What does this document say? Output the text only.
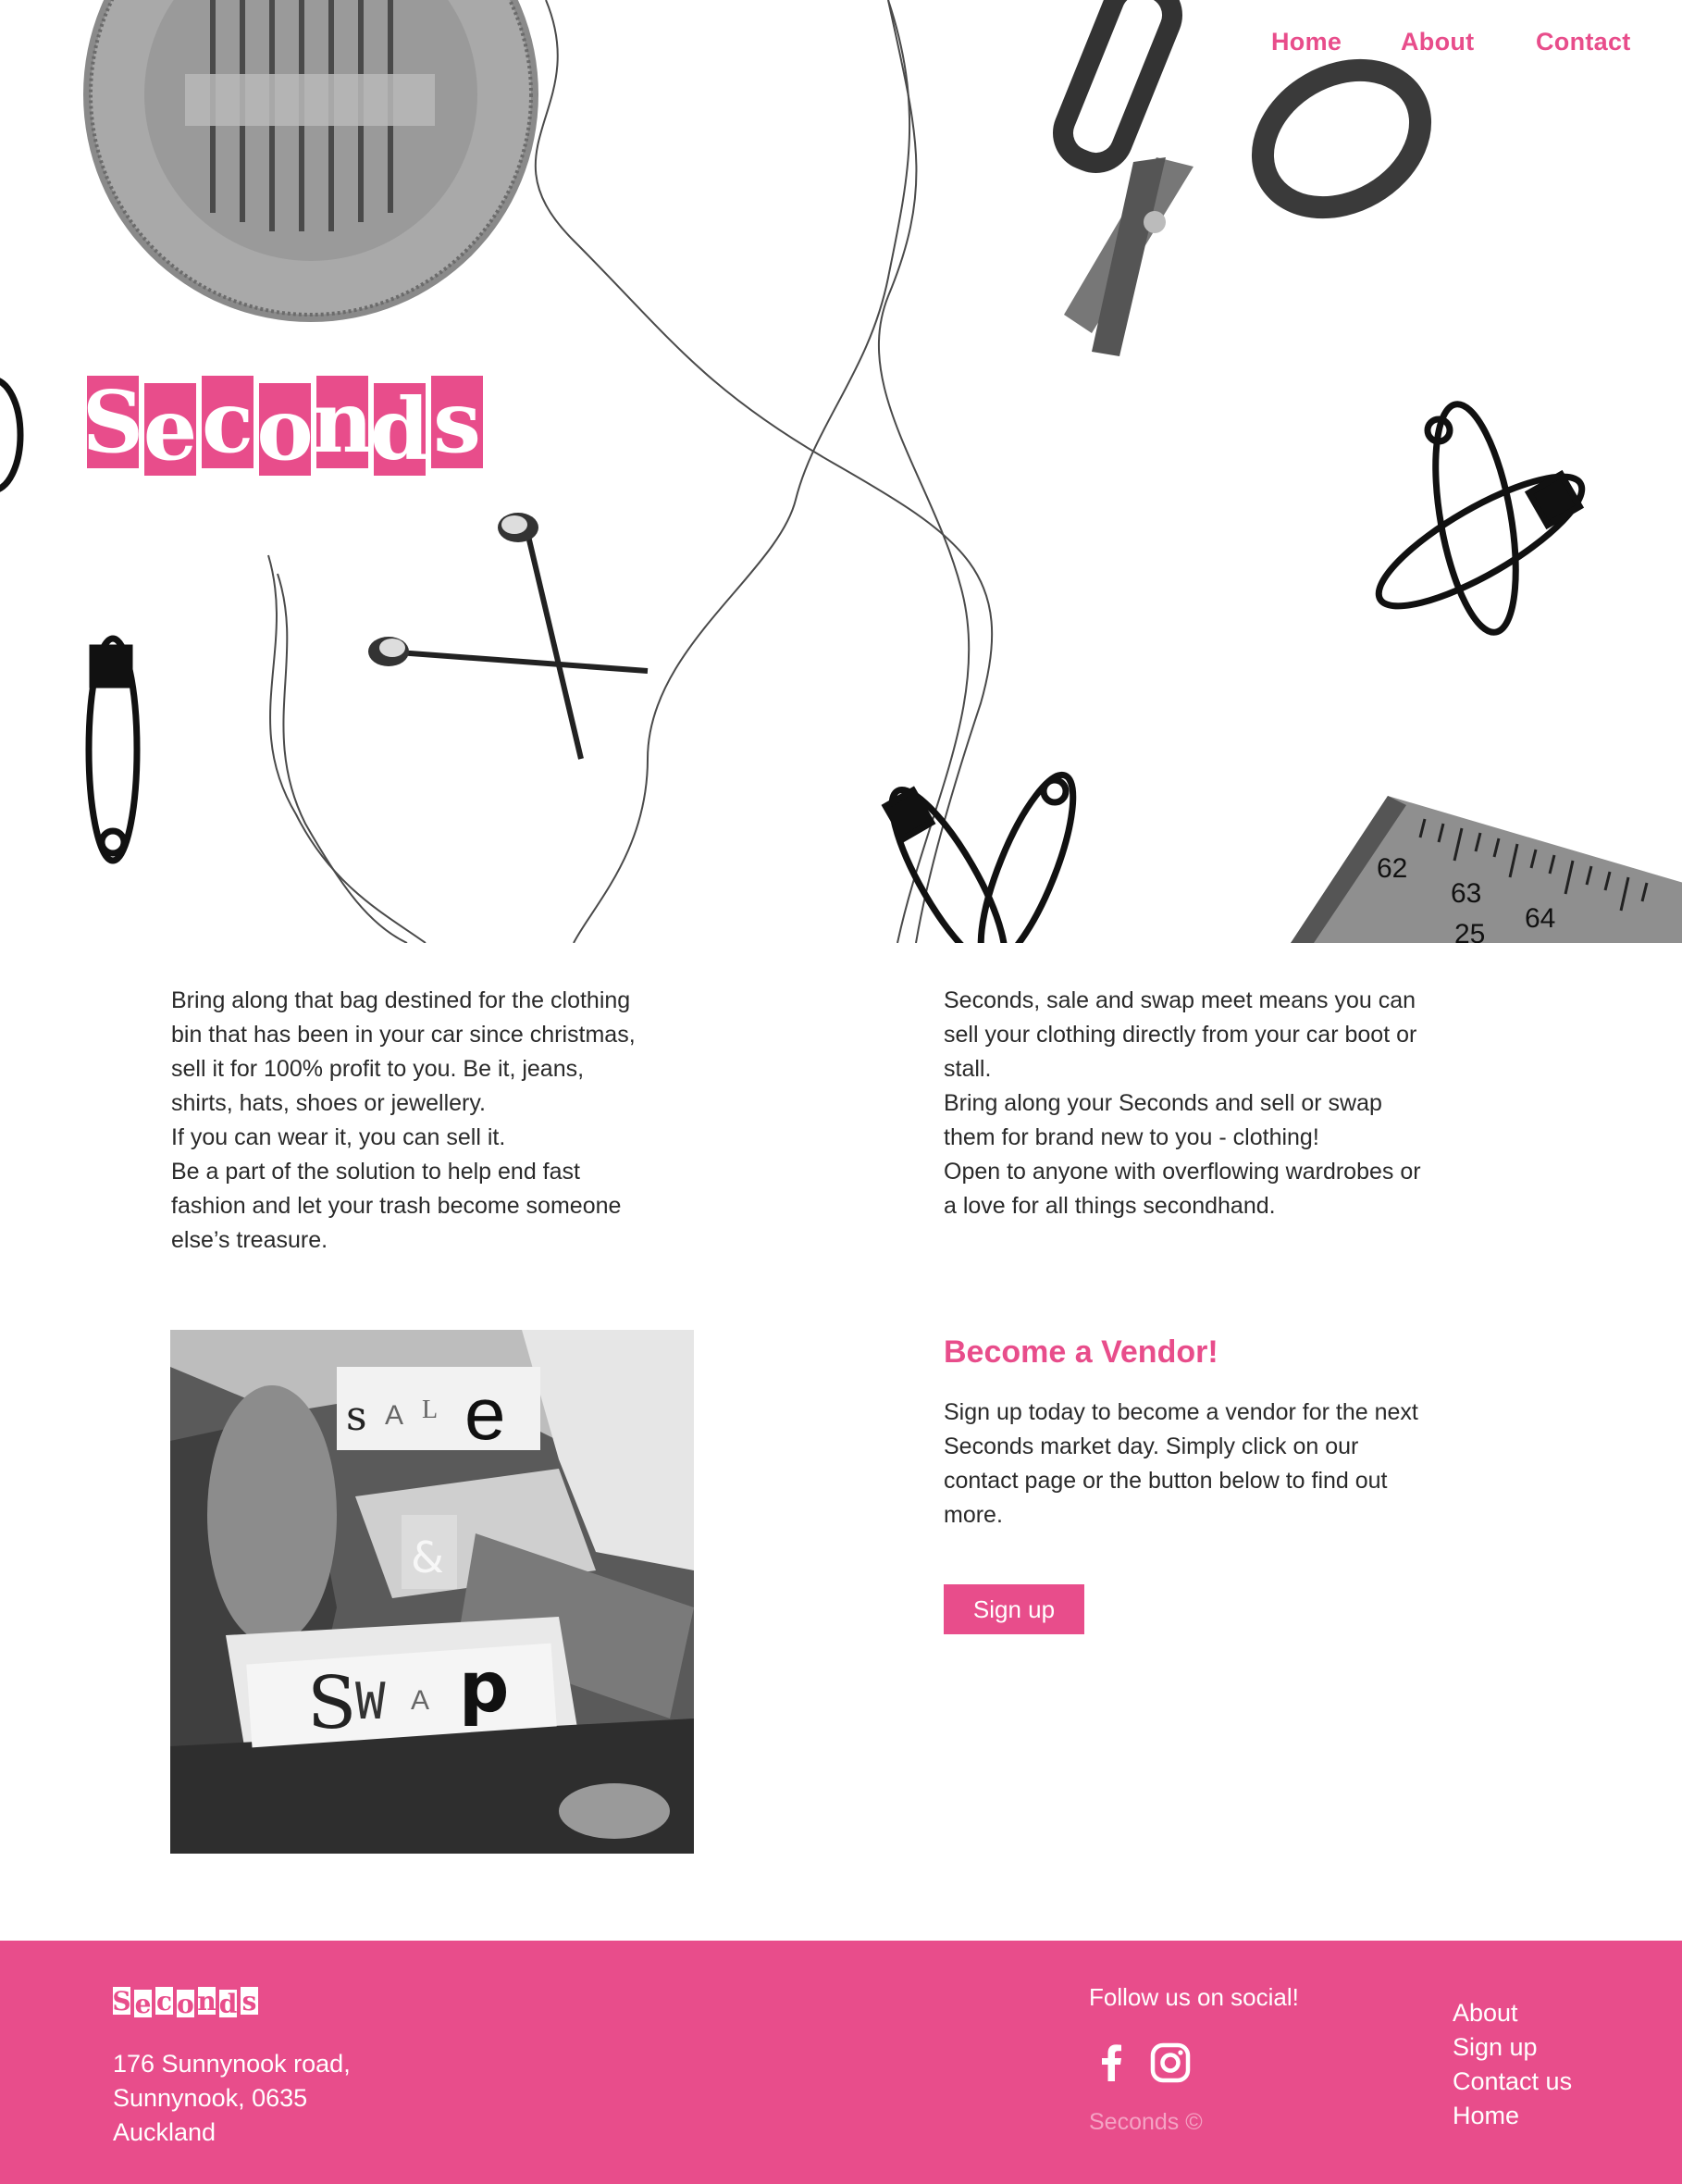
62
63
64
25
Home About Contact
S e c o
n
d s

Bring along that bag destined for the clothing bin that has been in your car since christmas, sell it for 100% profit to you. Be it, jeans, shirts, hats, shoes or jewellery.

If you can wear it, you can sell it.

Be a part of the solution to help end fast fashion and let your trash become someone else’s treasure.

Seconds, sale and swap meet means you can sell your clothing directly from your car boot or stall.

Bring along your Seconds and sell or swap them for brand new to you - clothing!

Open to anyone with overflowing wardrobes or a love for all things secondhand.

s A L e
&
S
W A p
Become a Vendor!
Sign up today to become a vendor for the next Seconds market day. Simply click on our contact page or the button below to find out more.
Sign up
S e c o n d s
176 Sunnynook road,
Sunnynook, 0635
Auckland
Follow us on social!
Seconds ©
About
Sign up
Contact us
Home
